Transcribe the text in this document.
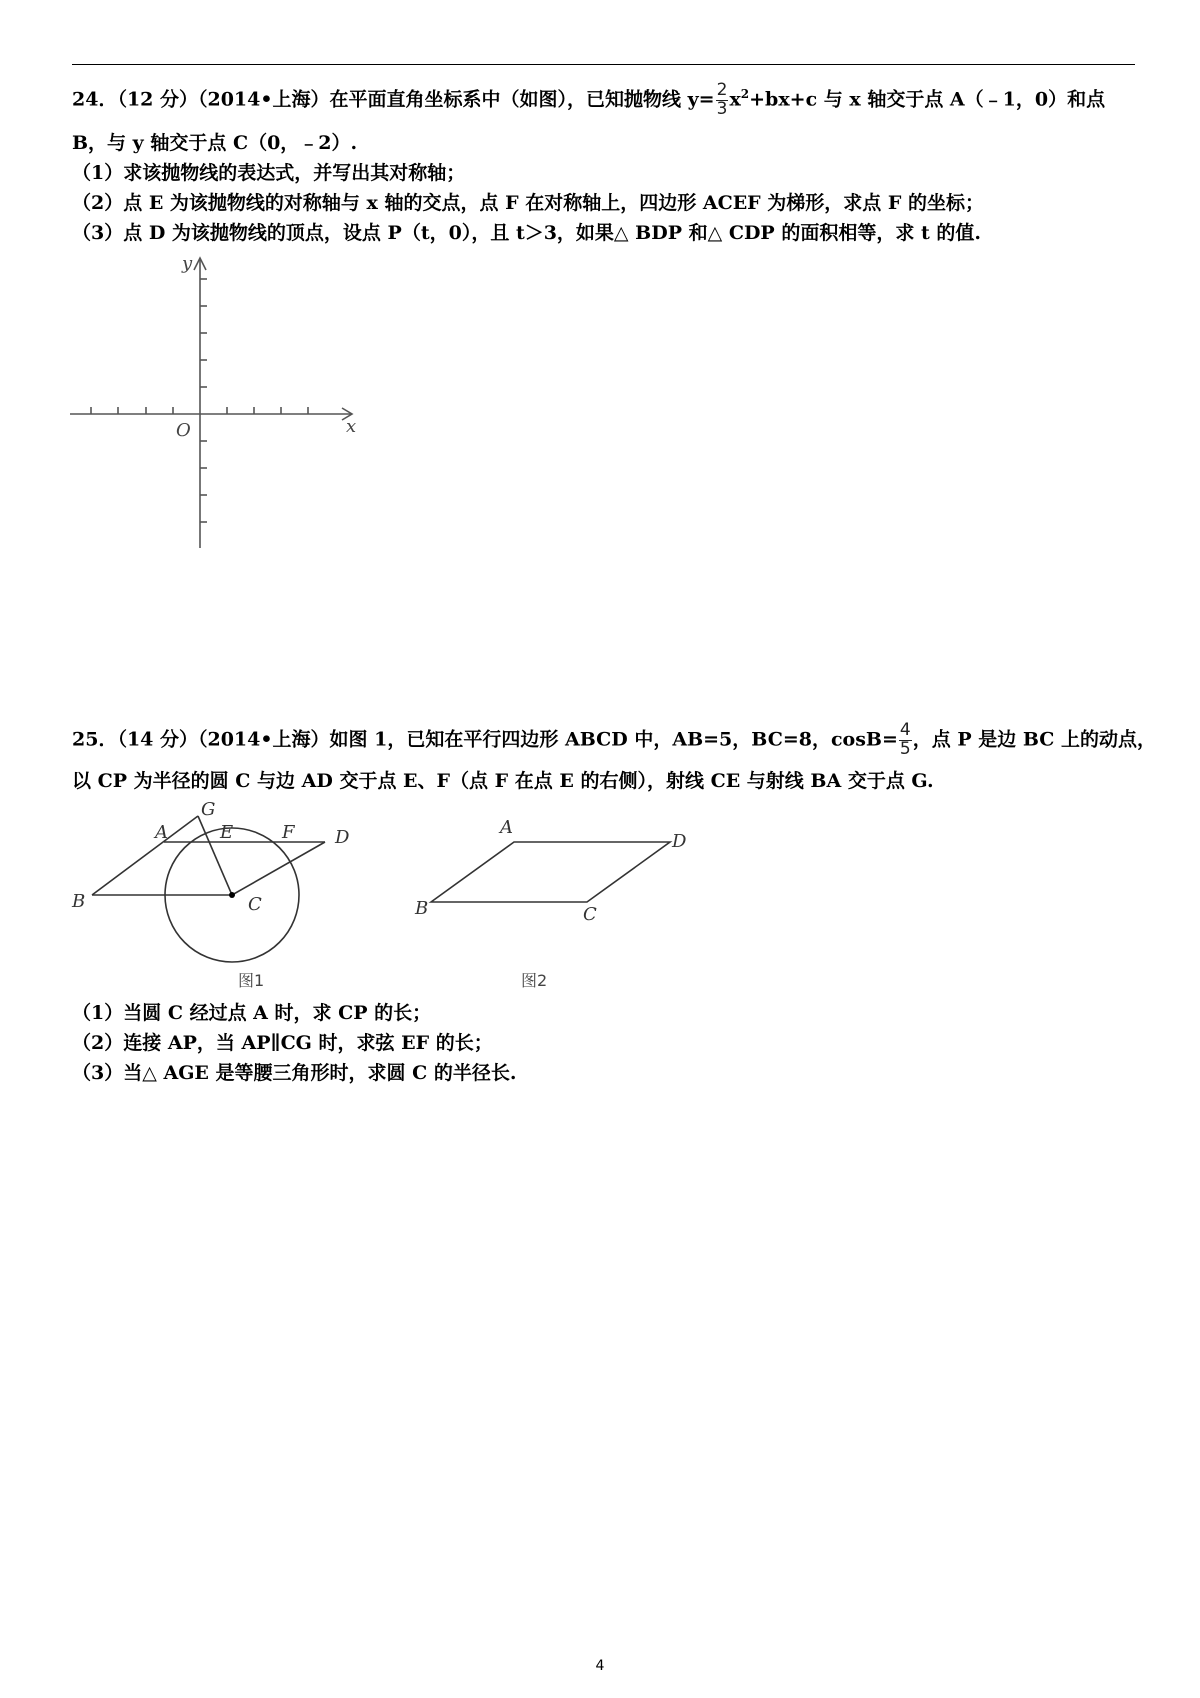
24．（12 分）（2014•上海）在平面直角坐标系中（如图），已知抛物线 $y= \frac{2}{3} x^2+bx+c$ 与 x 轴交于点 A（﹣1，0）和点
B，与 y 轴交于点 C（0，﹣2）.
（1）求该抛物线的表达式，并写出其对称轴；
（2）点 E 为该抛物线的对称轴与 x 轴的交点，点 F 在对称轴上，四边形 ACEF 为梯形，求点 F 的坐标；
（3）点 D 为该抛物线的顶点，设点 P（t，0），且 t＞3，如果△ BDP 和△ CDP 的面积相等，求 t 的值.
y
x
O
25．（14 分）（2014•上海）如图 1，已知在平行四边形 ABCD 中，AB=5，BC=8，$\cos B= \frac{4}{5}$ ，点 P 是边 BC 上的动点，
以 CP 为半径的圆 C 与边 AD 交于点 E、F（点 F 在点 E 的右侧），射线 CE 与射线 BA 交于点 G.
G
A	E	F D
B	C
图1
A
D
B	C
图2
（1）当圆 C 经过点 A 时，求 CP 的长；
（2）连接 AP，当 AP∥CG 时，求弦 EF 的长；
（3）当△ AGE 是等腰三角形时，求圆 C 的半径长.
4
